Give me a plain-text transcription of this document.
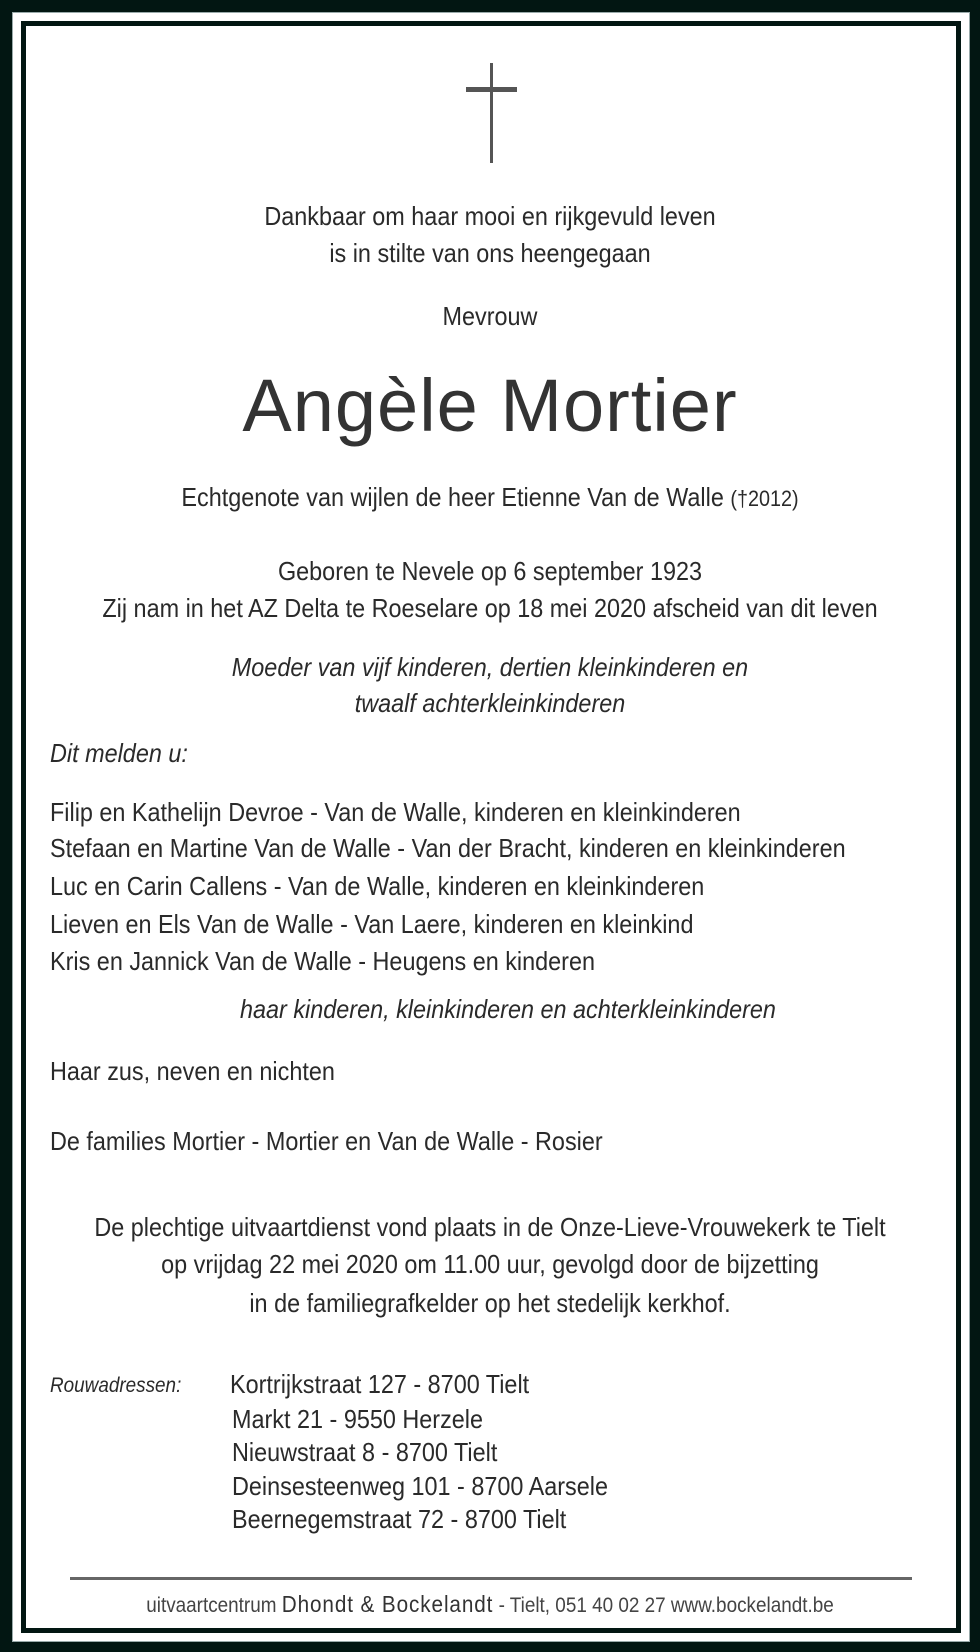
Dankbaar om haar mooi en rijkgevuld leven
is in stilte van ons heengegaan
Mevrouw
Angèle Mortier
Echtgenote van wijlen de heer Etienne Van de Walle (†2012)
Geboren te Nevele op 6 september 1923
Zij nam in het AZ Delta te Roeselare op 18 mei 2020 afscheid van dit leven
Moeder van vijf kinderen, dertien kleinkinderen en
twaalf achterkleinkinderen
Dit melden u:
Filip en Kathelijn Devroe - Van de Walle, kinderen en kleinkinderen
Stefaan en Martine Van de Walle - Van der Bracht, kinderen en kleinkinderen
Luc en Carin Callens - Van de Walle, kinderen en kleinkinderen
Lieven en Els Van de Walle - Van Laere, kinderen en kleinkind
Kris en Jannick Van de Walle - Heugens en kinderen
haar kinderen, kleinkinderen en achterkleinkinderen
Haar zus, neven en nichten
De families Mortier - Mortier en Van de Walle - Rosier
De plechtige uitvaartdienst vond plaats in de Onze-Lieve-Vrouwekerk te Tielt
op vrijdag 22 mei 2020 om 11.00 uur, gevolgd door de bijzetting
in de familiegrafkelder op het stedelijk kerkhof.
Rouwadressen:	Kortrijkstraat 127 - 8700 Tielt
Markt 21 - 9550 Herzele
Nieuwstraat 8 - 8700 Tielt
Deinsesteenweg 101 - 8700 Aarsele
Beernegemstraat 72 - 8700 Tielt
uitvaartcentrum Dhondt & Bockelandt - Tielt, 051 40 02 27 www.bockelandt.be
